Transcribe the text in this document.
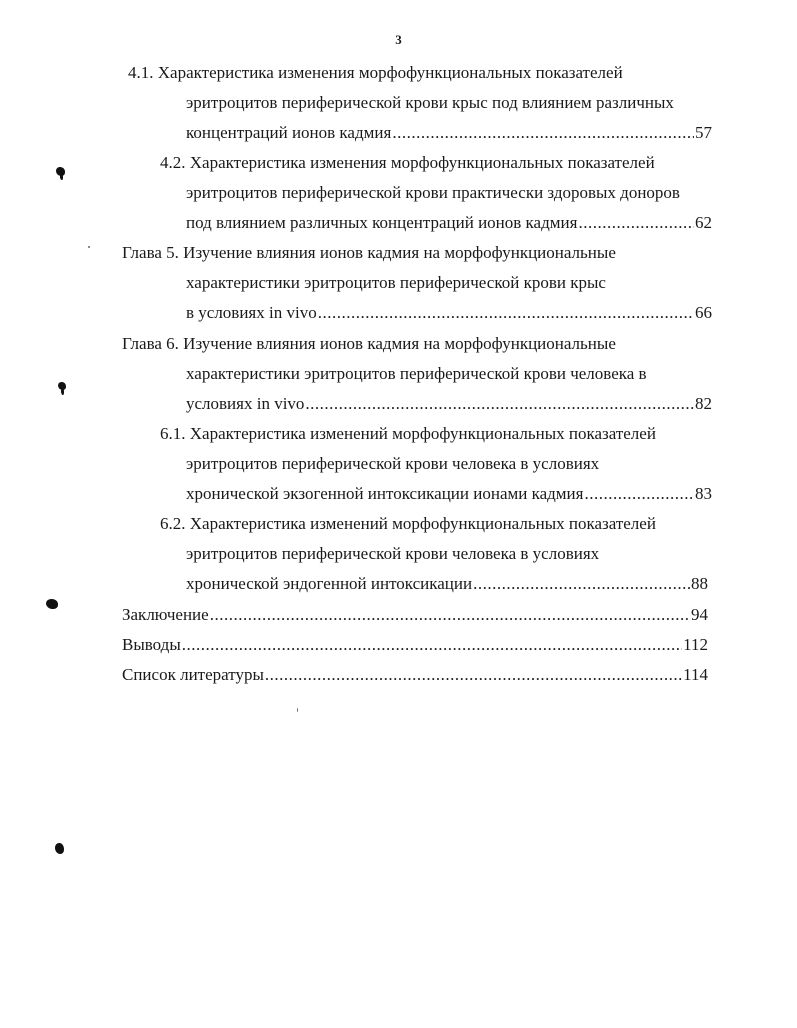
3
4.1. Характеристика изменения морфофункциональных показателей
эритроцитов периферической крови крыс под влиянием различных
концентраций ионов кадмия .....	57
4.2. Характеристика изменения морфофункциональных показателей
эритроцитов периферической крови практически здоровых доноров
под влиянием различных концентраций ионов кадмия .....	62
Глава 5. Изучение влияния ионов кадмия на морфофункциональные
характеристики эритроцитов периферической крови крыс
в условиях in vivo .....	66
Глава 6. Изучение влияния ионов кадмия на морфофункциональные
характеристики эритроцитов периферической крови человека в
условиях in vivo .....	82
6.1. Характеристика изменений морфофункциональных показателей
эритроцитов периферической крови человека в условиях
хронической экзогенной интоксикации ионами кадмия .....	83
6.2. Характеристика изменений морфофункциональных показателей
эритроцитов периферической крови человека в условиях
хронической эндогенной интоксикации .....	88
Заключение .....	94
Выводы .....	112
Список литературы .....	114
